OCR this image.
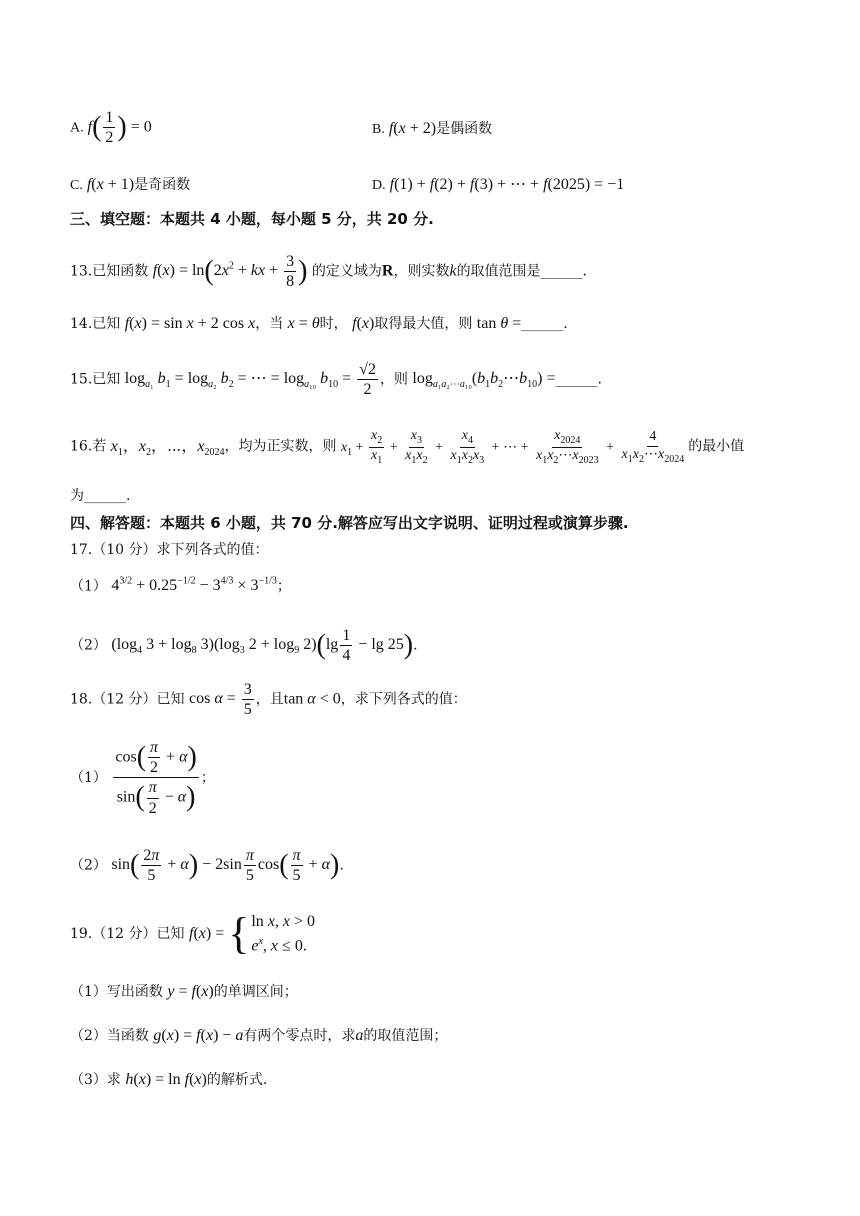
A. $f( \frac{1}{2}$ ) = 0	B. f(x + 2)是偶函数
C. f(x + 1)是奇函数	D. f(1) + f(2) + f(3) + ⋯ + f(2025) = −1
三、填空题：本题共 4 小题，每小题 5 分，共 20 分.
13.已知函数 $f(x) = \ln(2x^2$ + kx + $\frac{3}{8}$ ) 的定义域为R，则实数k的取值范围是______.
14.已知 f(x) = sin x + 2 cos x，当 x = θ时， f(x)取得最大值，则 tan θ =______.
15.已知 $\log_{a_1} b_1 = \log_{a_2} b_2$ = ⋯ = $\log_{a_{10}} b_{10} = \frac{√2}{2}$ ，则 $\log_{a_1a_2\cdots a_{10}}(b_1b_2\cdots b_{10})$ =______.
16.若 $x_1$，$x_2$，⋯，$x_{2024}$，均为正实数，则 $x_1 + \frac{x_2}{x_1} + \frac{x_3}{x_1x_2} + \frac{x_4}{x_1x_2x_3}$ + ⋯ + $\frac{x_{2024}}{x_1x_2\cdots x_{2023}} + \frac{4}{x_1x_2\cdots x_{2024}}$ 的最小值
为______.
四、解答题：本题共 6 小题，共 70 分.解答应写出文字说明、证明过程或演算步骤.
17.（10 分）求下列各式的值：
（1） $4^{3/2} + 0.25^{-1/2} - 3^{4/3} \times 3^{-1/3}$；
（2） ($\log_4$ $3 + \log_8 3)(\log_3$ $2 + \log_9 2)(\lg \frac{1}{4} - \lg 25)$.
18.（12 分）已知 $\cos \alpha = \frac{3}{5}$ ，且tan α < 0，求下列各式的值：
$(1) \frac{\cos( \frac{\pi}{2} + \alpha)}{\sin( \frac{\pi}{2} - \alpha)}$ ；
（2） $\sin( \frac{2\pi}{5} + \alpha) - 2\sin \frac{\pi}{5} \cos( \frac{\pi}{5} + \alpha)$.
19.（12 分）已知 f(x) = { ln x, x > 0
$e^x$, x ≤ 0.
（1）写出函数 y = f(x)的单调区间；
（2）当函数 g(x) = f(x) − a有两个零点时，求a的取值范围；
（3）求 h(x) = ln f(x)的解析式.
